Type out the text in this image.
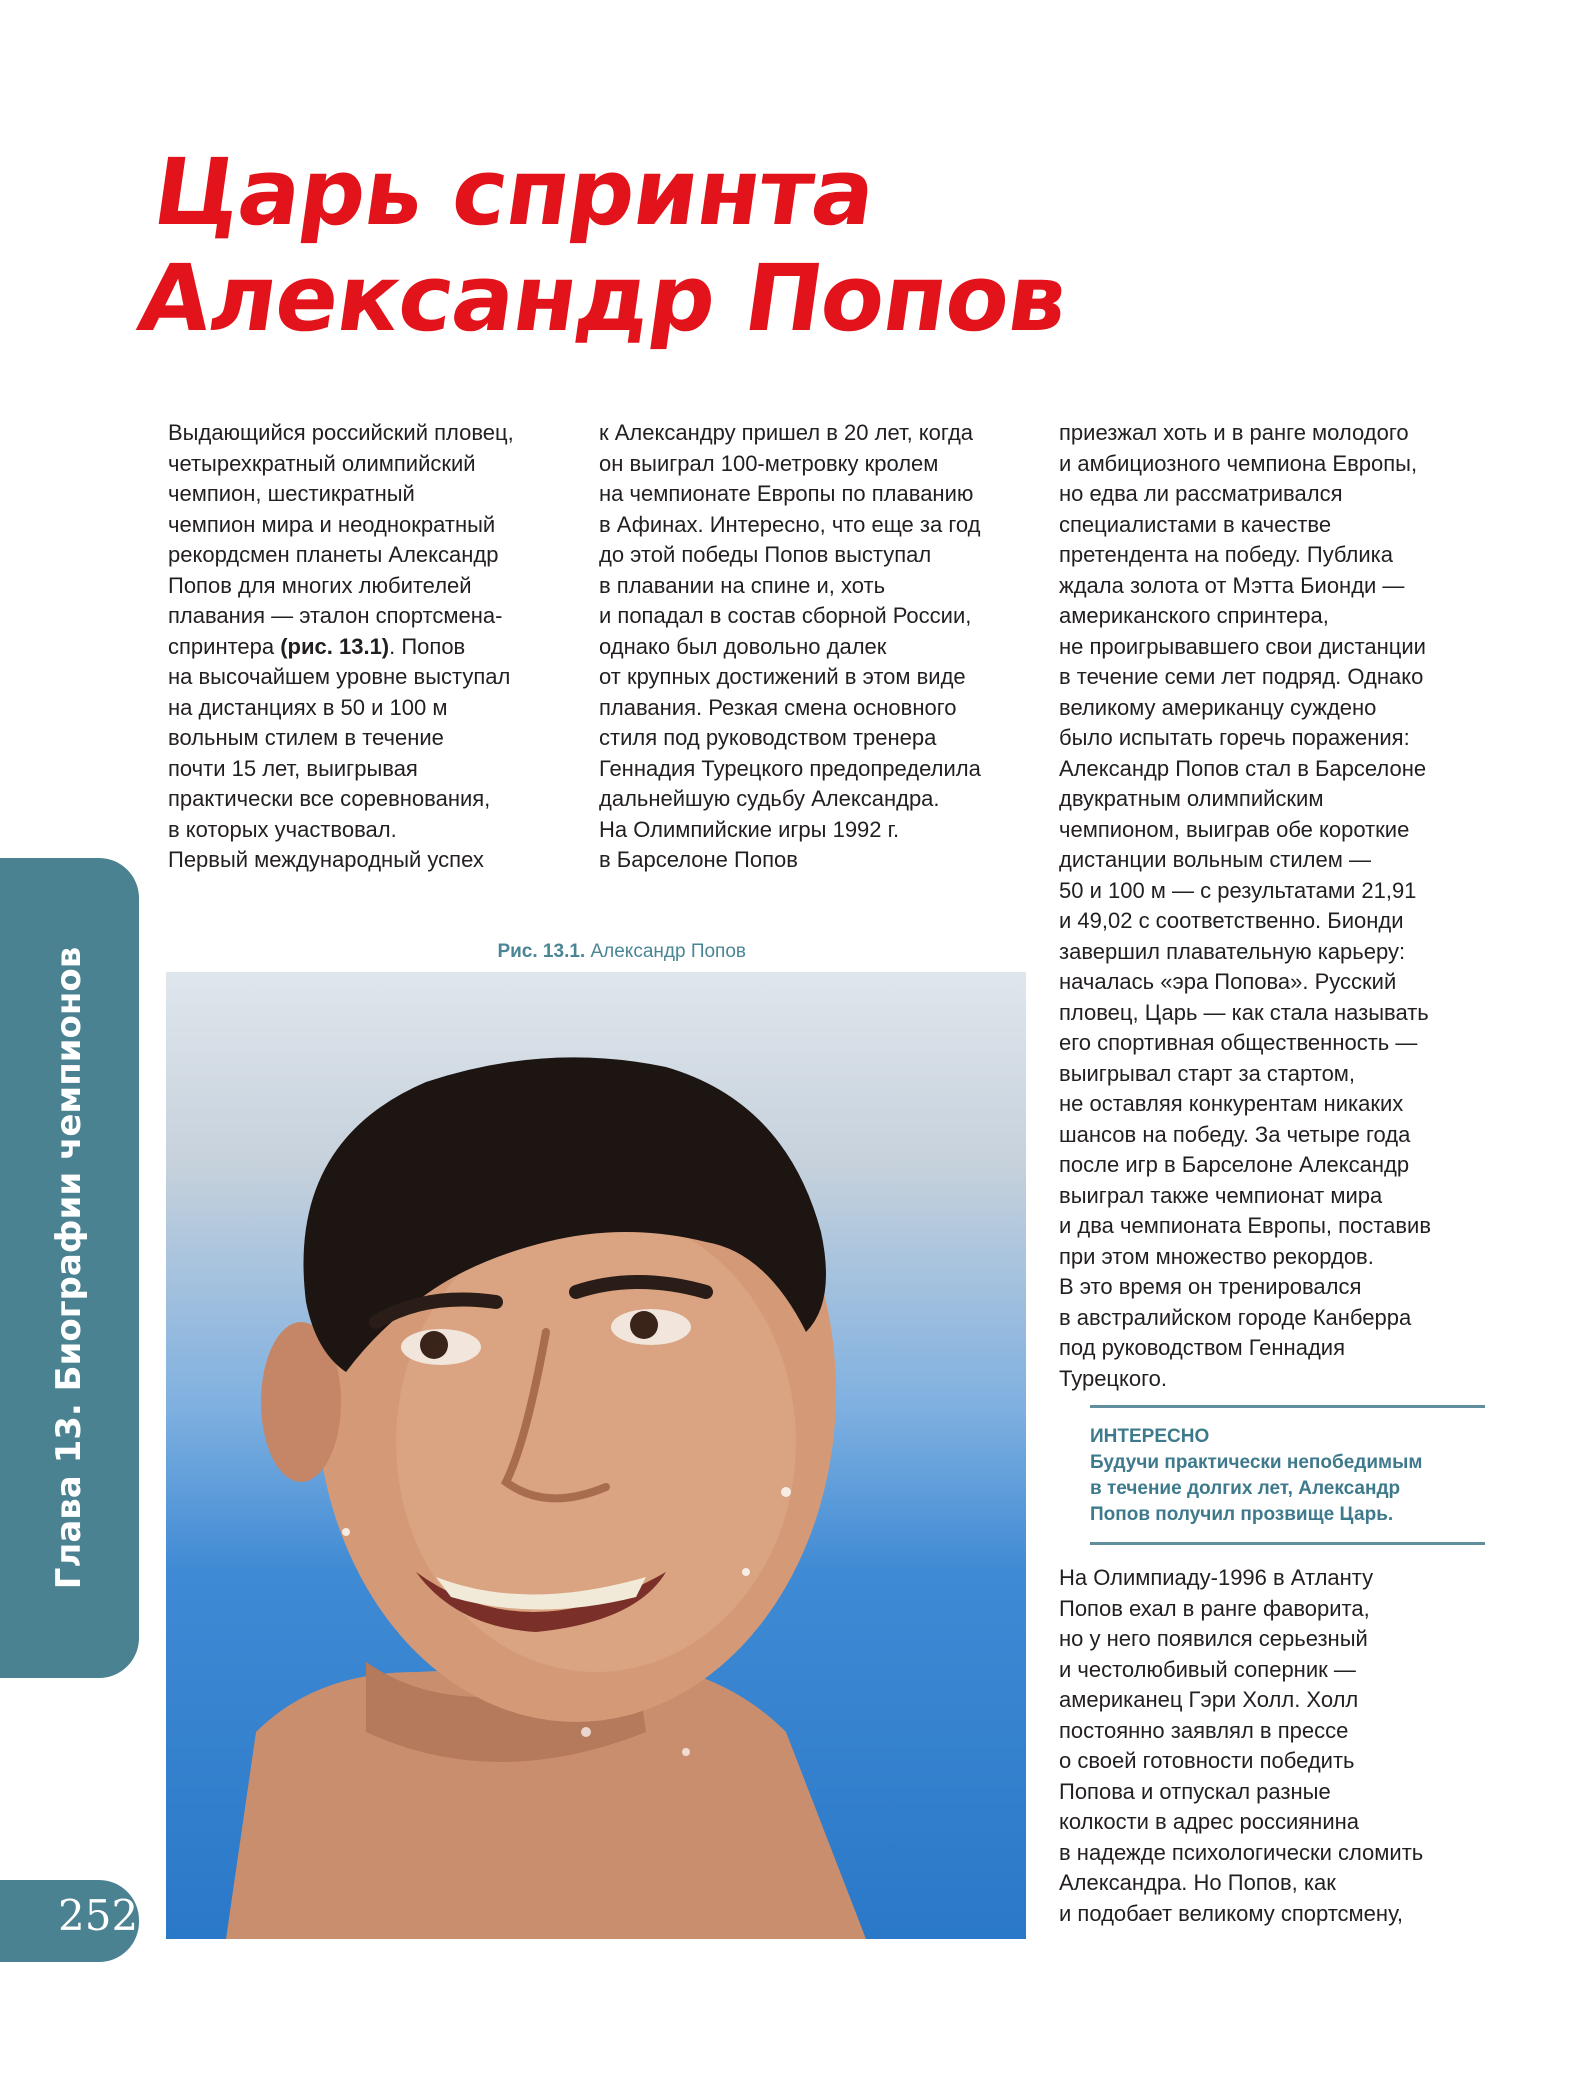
Царь спринта
Александр Попов

Выдающийся российский пловец,
четырехкратный олимпийский
чемпион, шестикратный
чемпион мира и неоднократный
рекордсмен планеты Александр
Попов для многих любителей
плавания — эталон спортсмена-
спринтера (рис. 13.1). Попов
на высочайшем уровне выступал
на дистанциях в 50 и 100 м
вольным стилем в течение
почти 15 лет, выигрывая
практически все соревнования,
в которых участвовал.
Первый международный успех

к Александру пришел в 20 лет, когда
он выиграл 100-метровку кролем
на чемпионате Европы по плаванию
в Афинах. Интересно, что еще за год
до этой победы Попов выступал
в плавании на спине и, хоть
и попадал в состав сборной России,
однако был довольно далек
от крупных достижений в этом виде
плавания. Резкая смена основного
стиля под руководством тренера
Геннадия Турецкого предопределила
дальнейшую судьбу Александра.
На Олимпийские игры 1992 г.
в Барселоне Попов

приезжал хоть и в ранге молодого
и амбициозного чемпиона Европы,
но едва ли рассматривался
специалистами в качестве
претендента на победу. Публика
ждала золота от Мэтта Бионди —
американского спринтера,
не проигрывавшего свои дистанции
в течение семи лет подряд. Однако
великому американцу суждено
было испытать горечь поражения:
Александр Попов стал в Барселоне
двукратным олимпийским
чемпионом, выиграв обе короткие
дистанции вольным стилем —
50 и 100 м — с результатами 21,91
и 49,02 с соответственно. Бионди
завершил плавательную карьеру:
началась «эра Попова». Русский
пловец, Царь — как стала называть
его спортивная общественность —
выигрывал старт за стартом,
не оставляя конкурентам никаких
шансов на победу. За четыре года
после игр в Барселоне Александр
выиграл также чемпионат мира
и два чемпионата Европы, поставив
при этом множество рекордов.
В это время он тренировался
в австралийском городе Канберра
под руководством Геннадия
Турецкого.

ИНТЕРЕСНО

Будучи практически непобедимым
в течение долгих лет, Александр
Попов получил прозвище Царь.

На Олимпиаду-1996 в Атланту
Попов ехал в ранге фаворита,
но у него появился серьезный
и честолюбивый соперник —
американец Гэри Холл. Холл
постоянно заявлял в прессе
о своей готовности победить
Попова и отпускал разные
колкости в адрес россиянина
в надежде психологически сломить
Александра. Но Попов, как
и подобает великому спортсмену,

Рис. 13.1. Александр Попов
Глава 13. Биографии чемпионов
252
